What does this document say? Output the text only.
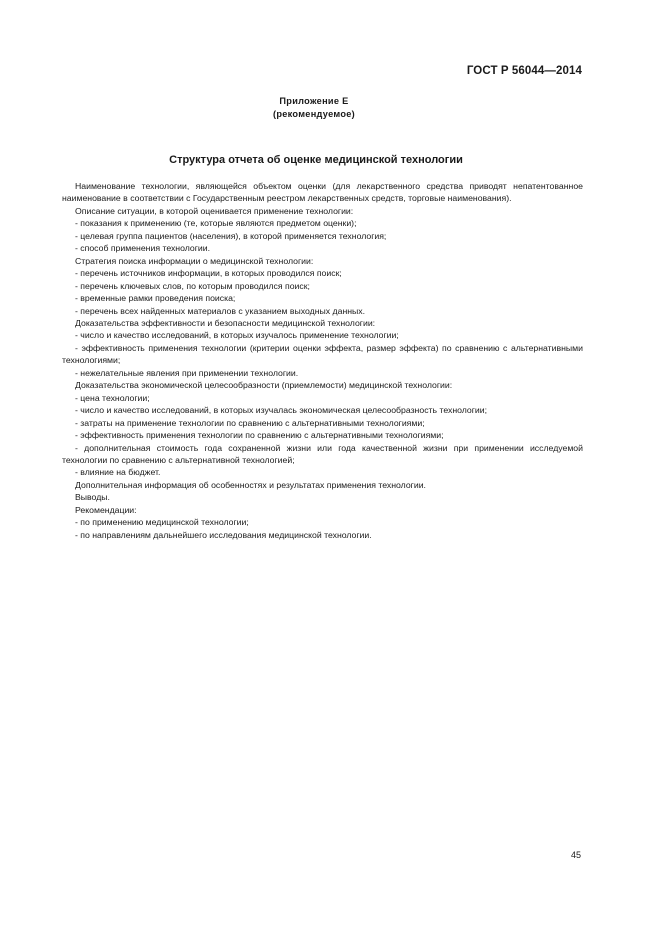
ГОСТ Р 56044—2014
Приложение Е
(рекомендуемое)
Структура отчета об оценке медицинской технологии

Наименование технологии, являющейся объектом оценки (для лекарственного средства приводят непатентованное наименование в соответствии с Государственным реестром лекарственных средств, торговые наименования).

Описание ситуации, в которой оценивается применение технологии:

- показания к применению (те, которые являются предметом оценки);

- целевая группа пациентов (населения), в которой применяется технология;

- способ применения технологии.

Стратегия поиска информации о медицинской технологии:

- перечень источников информации, в которых проводился поиск;

- перечень ключевых слов, по которым проводился поиск;

- временные рамки проведения поиска;

- перечень всех найденных материалов с указанием выходных данных.

Доказательства эффективности и безопасности медицинской технологии:

- число и качество исследований, в которых изучалось применение технологии;

- эффективность применения технологии (критерии оценки эффекта, размер эффекта) по сравнению с альтернативными технологиями;

- нежелательные явления при применении технологии.

Доказательства экономической целесообразности (приемлемости) медицинской технологии:

- цена технологии;

- число и качество исследований, в которых изучалась экономическая целесообразность технологии;

- затраты на применение технологии по сравнению с альтернативными технологиями;

- эффективность применения технологии по сравнению с альтернативными технологиями;

- дополнительная стоимость года сохраненной жизни или года качественной жизни при применении исследуемой технологии по сравнению с альтернативной технологией;

- влияние на бюджет.

Дополнительная информация об особенностях и результатах применения технологии.

Выводы.

Рекомендации:

- по применению медицинской технологии;

- по направлениям дальнейшего исследования медицинской технологии.

45
